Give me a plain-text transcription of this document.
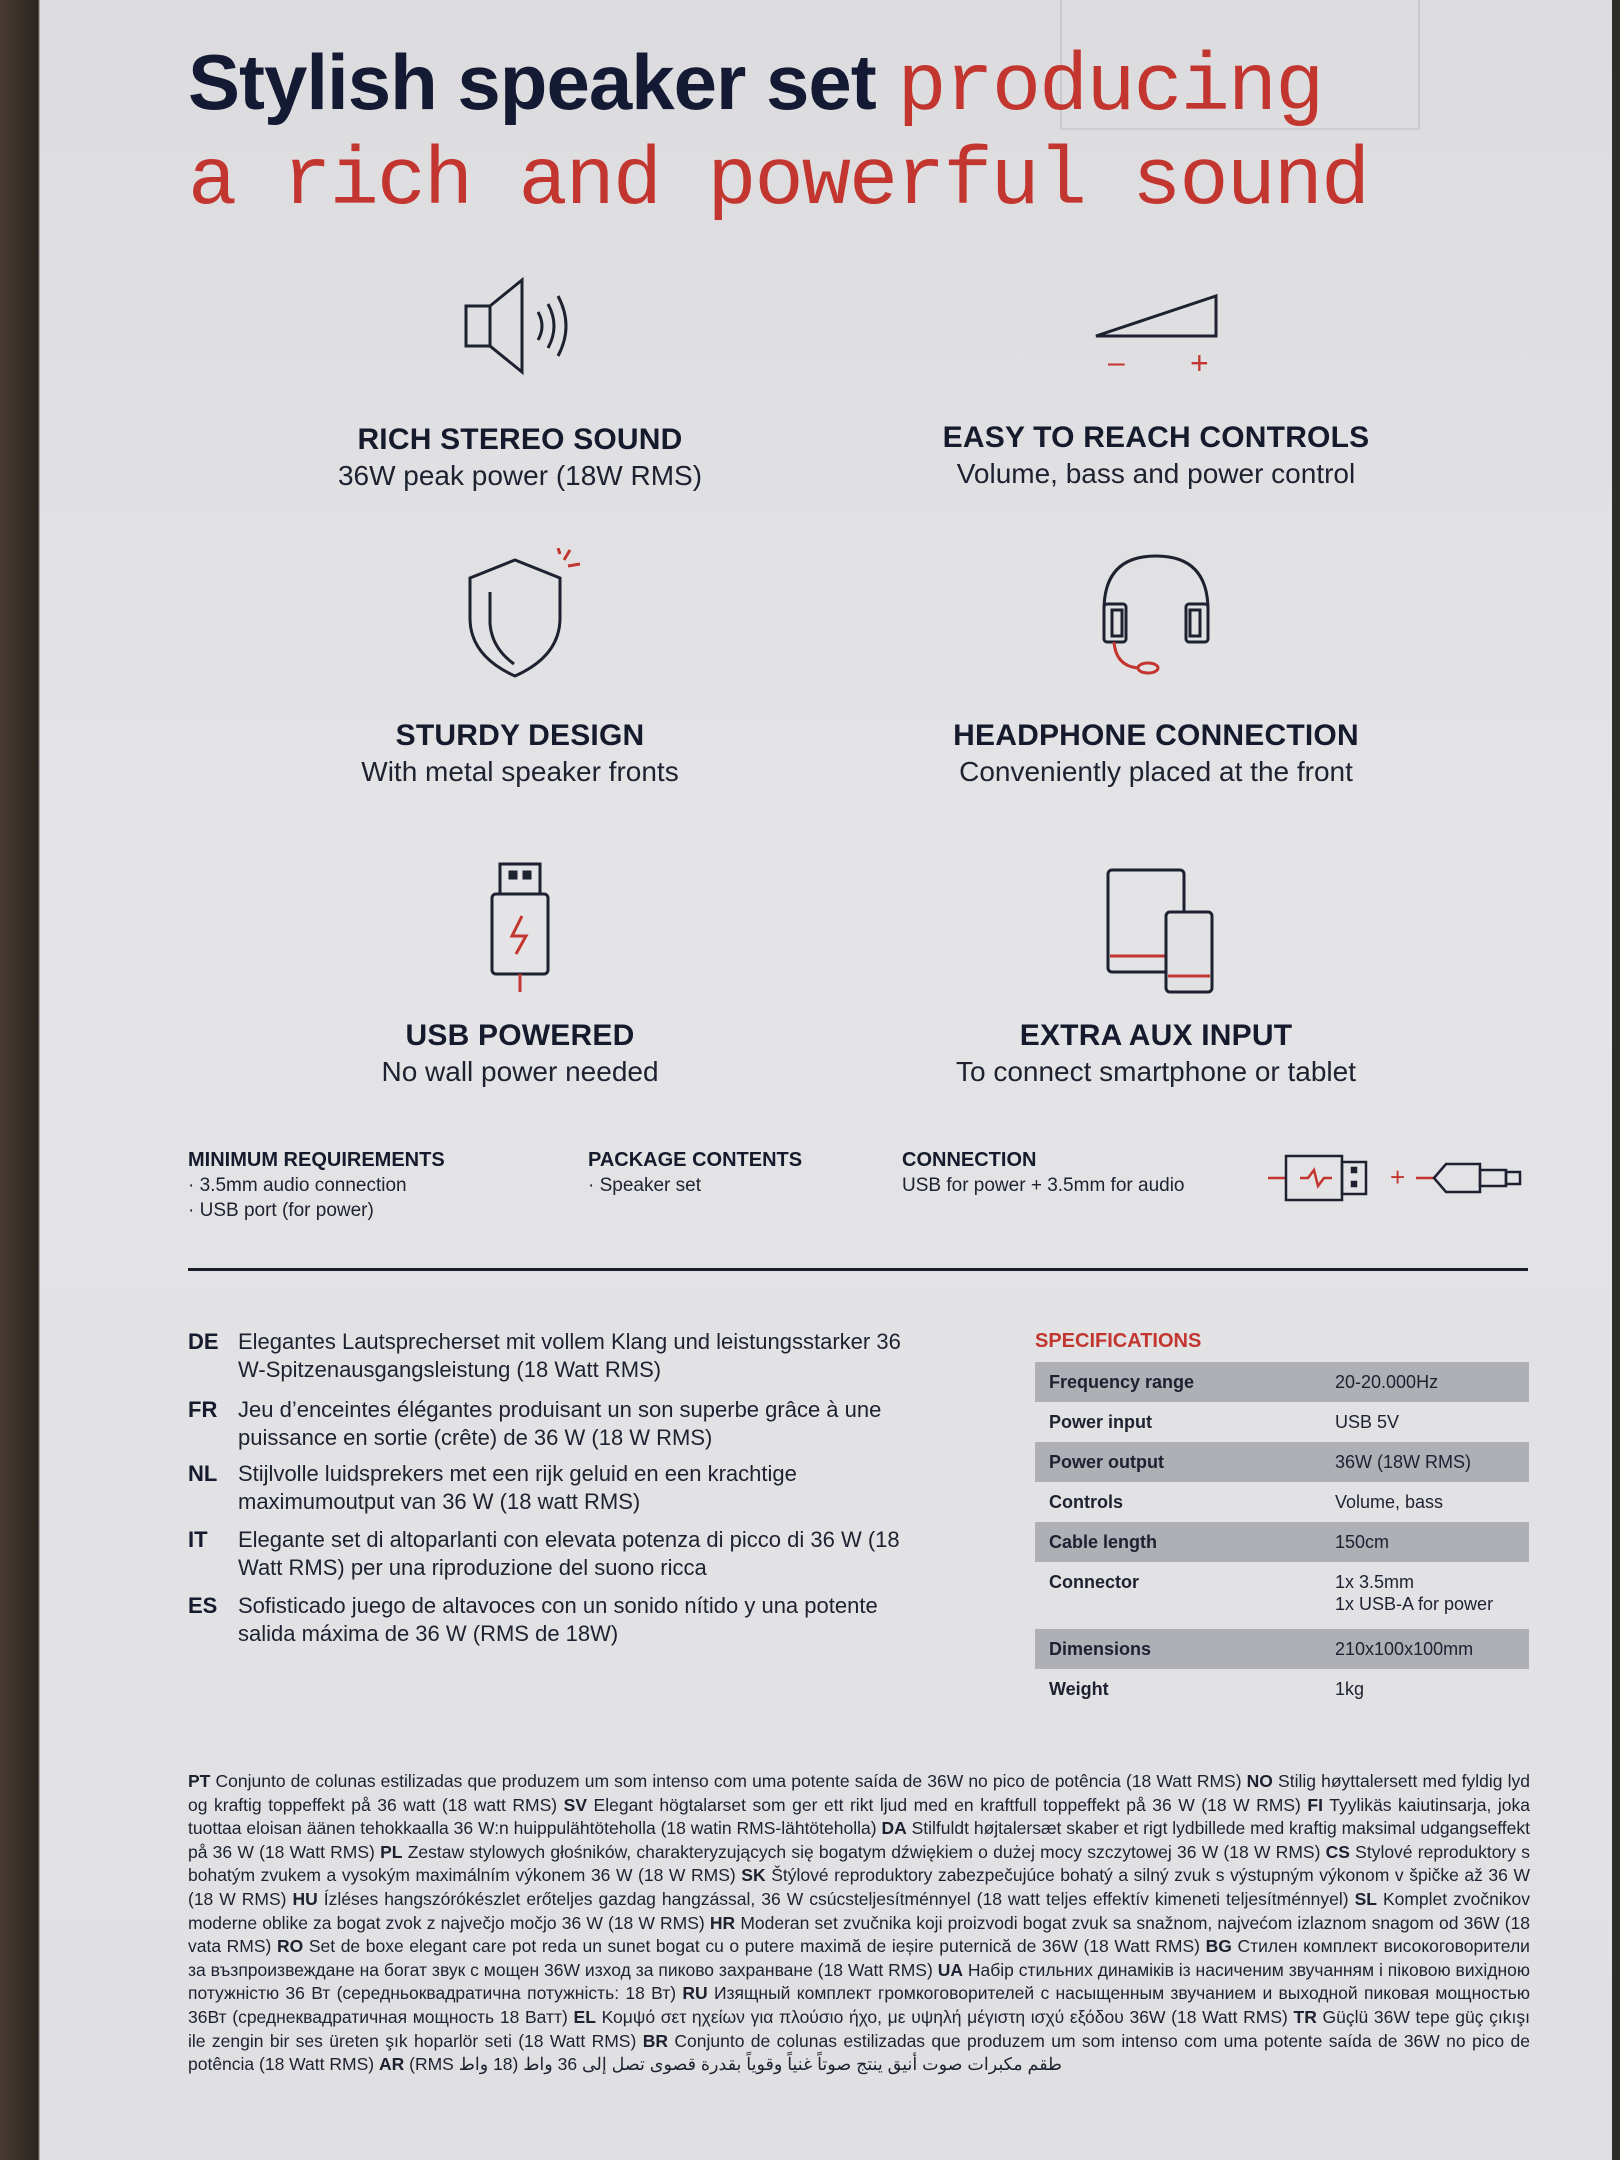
Stylish speaker set producing
a rich and powerful sound
RICH STEREO SOUND
36W peak power (18W RMS)
– +
EASY TO REACH CONTROLS
Volume, bass and power control
STURDY DESIGN
With metal speaker fronts
HEADPHONE CONNECTION
Conveniently placed at the front
USB POWERED
No wall power needed
EXTRA AUX INPUT
To connect smartphone or tablet
MINIMUM REQUIREMENTS
· 3.5mm audio connection
· USB port (for power)
PACKAGE CONTENTS
· Speaker set
CONNECTION
USB for power + 3.5mm for audio	+
DE Elegantes Lautsprecherset mit vollem Klang und leistungsstarker 36 W-Spitzenausgangsleistung (18 Watt RMS)
FR Jeu d’enceintes élégantes produisant un son superbe grâce à une puissance en sortie (crête) de 36 W (18 W RMS)
NL Stijlvolle luidsprekers met een rijk geluid en een krachtige maximumoutput van 36 W (18 watt RMS)
IT Elegante set di altoparlanti con elevata potenza di picco di 36 W (18 Watt RMS) per una riproduzione del suono ricca
ES Sofisticado juego de altavoces con un sonido nítido y una potente salida máxima de 36 W (RMS de 18W)
SPECIFICATIONS
Frequency range	20-20.000Hz
Power input	USB 5V
Power output	36W (18W RMS)
Controls	Volume, bass
Cable length	150cm
Connector	1x 3.5mm
1x USB-A for power
Dimensions	210x100x100mm
Weight	1kg
PT Conjunto de colunas estilizadas que produzem um som intenso com uma potente saída de 36W no pico de potência (18 Watt RMS) NO Stilig høyttalersett med fyldig lyd og kraftig toppeffekt på 36 watt (18 watt RMS) SV Elegant högtalarset som ger ett rikt ljud med en kraftfull toppeffekt på 36 W (18 W RMS) FI Tyylikäs kaiutinsarja, joka tuottaa eloisan äänen tehokkaalla 36 W:n huippulähtöteholla (18 watin RMS-lähtöteholla) DA Stilfuldt højtalersæt skaber et rigt lydbillede med kraftig maksimal udgangseffekt på 36 W (18 Watt RMS) PL Zestaw stylowych głośników, charakteryzujących się bogatym dźwiękiem o dużej mocy szczytowej 36 W (18 W RMS) CS Stylové reproduktory s bohatým zvukem a vysokým maximálním výkonem 36 W (18 W RMS) SK Štýlové reproduktory zabezpečujúce bohatý a silný zvuk s výstupným výkonom v špičke až 36 W (18 W RMS) HU Ízléses hangszórókészlet erőteljes gazdag hangzással, 36 W csúcsteljesítménnyel (18 watt teljes effektív kimeneti teljesítménnyel) SL Komplet zvočnikov moderne oblike za bogat zvok z največjo močjo 36 W (18 W RMS) HR Moderan set zvučnika koji proizvodi bogat zvuk sa snažnom, najvećom izlaznom snagom od 36W (18 vata RMS) RO Set de boxe elegant care pot reda un sunet bogat cu o putere maximă de ieșire puternică de 36W (18 Watt RMS) BG Стилен комплект високоговорители за възпроизвеждане на богат звук с мощен 36W изход за пиково захранване (18 Watt RMS) UA Набір стильних динаміків із насиченим звучанням і піковою вихідною потужністю 36 Вт (середньоквадратична потужність: 18 Вт) RU Изящный комплект громкоговорителей с насыщенным звучанием и выходной пиковая мощностью 36Вт (среднеквадратичная мощность 18 Ватт) EL Κομψό σετ ηχείων για πλούσιο ήχο, με υψηλή μέγιστη ισχύ εξόδου 36W (18 Watt RMS) TR Güçlü 36W tepe güç çıkışı ile zengin bir ses üreten şık hoparlör seti (18 Watt RMS) BR Conjunto de colunas estilizadas que produzem um som intenso com uma potente saída de 36W no pico de potência (18 Watt RMS) AR طقم مكبرات صوت أنيق ينتج صوتاً غنياً وقوياً بقدرة قصوى تصل إلى 36 واط (18 واط RMS)
